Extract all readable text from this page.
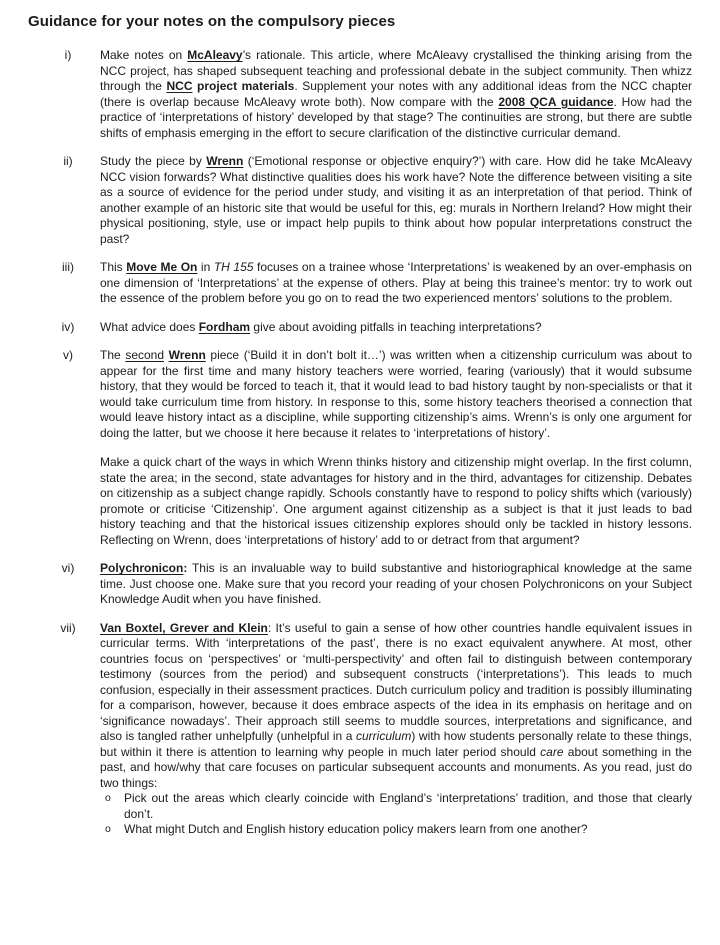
Guidance for your notes on the compulsory pieces
i)	Make notes on McAleavy’s rationale. This article, where McAleavy crystallised the thinking arising from the NCC project, has shaped subsequent teaching and professional debate in the subject community. Then whizz through the NCC project materials. Supplement your notes with any additional ideas from the NCC chapter (there is overlap because McAleavy wrote both). Now compare with the 2008 QCA guidance. How had the practice of ‘interpretations of history’ developed by that stage? The continuities are strong, but there are subtle shifts of emphasis emerging in the effort to secure clarification of the distinctive curricular demand.

ii)	Study the piece by Wrenn (‘Emotional response or objective enquiry?’) with care. How did he take McAleavy NCC vision forwards? What distinctive qualities does his work have? Note the difference between visiting a site as a source of evidence for the period under study, and visiting it as an interpretation of that period. Think of another example of an historic site that would be useful for this, eg: murals in Northern Ireland? How might their physical positioning, style, use or impact help pupils to think about how popular interpretations construct the past?

iii)	This Move Me On in TH 155 focuses on a trainee whose ‘Interpretations’ is weakened by an over-emphasis on one dimension of ‘Interpretations’ at the expense of others. Play at being this trainee’s mentor: try to work out the essence of the problem before you go on to read the two experienced mentors’ solutions to the problem.

iv)	What advice does Fordham give about avoiding pitfalls in teaching interpretations?

v)	The second Wrenn piece (‘Build it in don’t bolt it…’) was written when a citizenship curriculum was about to appear for the first time and many history teachers were worried, fearing (variously) that it would subsume history, that they would be forced to teach it, that it would lead to bad history taught by non-specialists or that it would take curriculum time from history. In response to this, some history teachers theorised a connection that would leave history intact as a discipline, while supporting citizenship’s aims. Wrenn’s is only one argument for doing the latter, but we choose it here because it relates to ‘interpretations of history’.

Make a quick chart of the ways in which Wrenn thinks history and citizenship might overlap. In the first column, state the area; in the second, state advantages for history and in the third, advantages for citizenship. Debates on citizenship as a subject change rapidly. Schools constantly have to respond to policy shifts which (variously) promote or criticise ‘Citizenship’. One argument against citizenship as a subject is that it just leads to bad history teaching and that the historical issues citizenship explores should only be tackled in history lessons. Reflecting on Wrenn, does ‘interpretations of history’ add to or detract from that argument?

vi)	Polychronicon: This is an invaluable way to build substantive and historiographical knowledge at the same time. Just choose one. Make sure that you record your reading of your chosen Polychronicons on your Subject Knowledge Audit when you have finished.

vii)	Van Boxtel, Grever and Klein: It’s useful to gain a sense of how other countries handle equivalent issues in curricular terms. With ‘interpretations of the past’, there is no exact equivalent anywhere. At most, other countries focus on ‘perspectives’ or ‘multi-perspectivity’ and often fail to distinguish between contemporary testimony (sources from the period) and subsequent constructs (‘interpretations’). This leads to much confusion, especially in their assessment practices. Dutch curriculum policy and tradition is possibly illuminating for a comparison, however, because it does embrace aspects of the idea in its emphasis on heritage and on ‘significance nowadays’. Their approach still seems to muddle sources, interpretations and significance, and also is tangled rather unhelpfully (unhelpful in a curriculum) with how students personally relate to these things, but within it there is attention to learning why people in much later period should care about something in the past, and how/why that care focuses on particular subsequent accounts and monuments. As you read, just do two things:

o	Pick out the areas which clearly coincide with England’s ‘interpretations’ tradition, and those that clearly don’t.
o	What might Dutch and English history education policy makers learn from one another?
